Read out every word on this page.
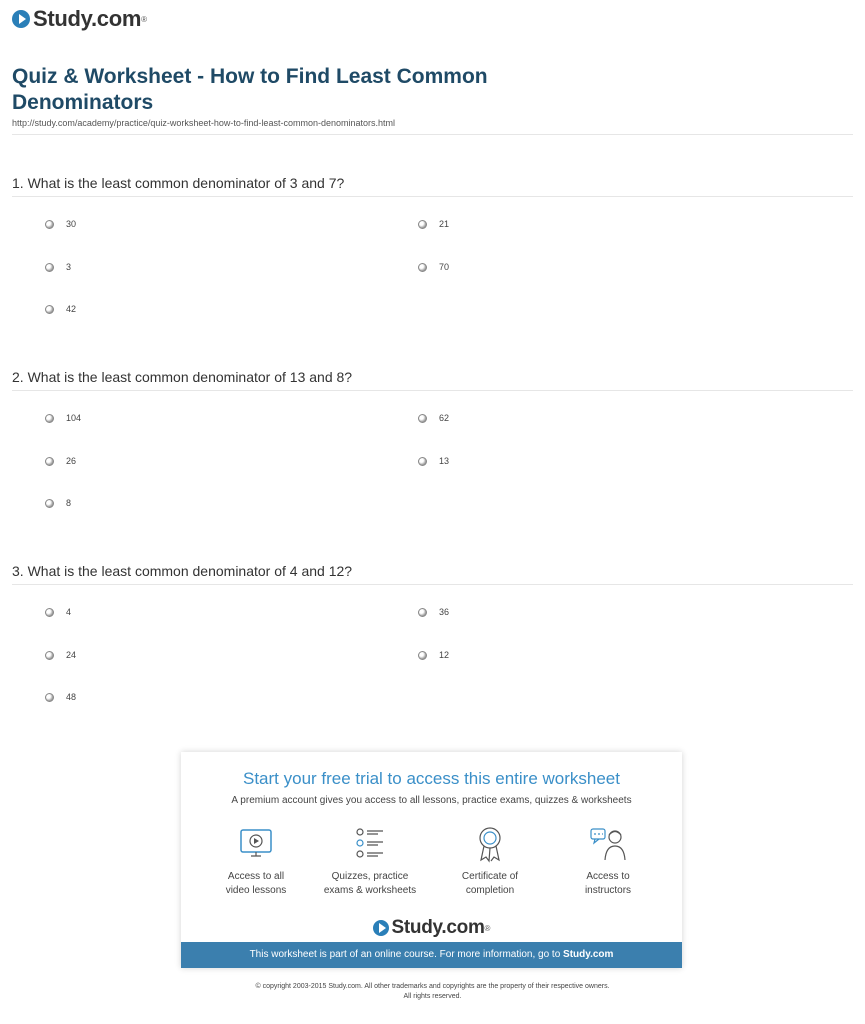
Study.com ®
Quiz & Worksheet - How to Find Least Common Denominators
http://study.com/academy/practice/quiz-worksheet-how-to-find-least-common-denominators.html
1. What is the least common denominator of 3 and 7?
30	21
3	70
42
2. What is the least common denominator of 13 and 8?
104	62
26	13
8
3. What is the least common denominator of 4 and 12?
4	36
24	12
48
Start your free trial to access this entire worksheet
A premium account gives you access to all lessons, practice exams, quizzes & worksheets
Access to all
video lessons
Quizzes, practice
exams & worksheets
Certificate of
completion
Access to
instructors
Study.com ®
This worksheet is part of an online course. For more information, go to Study.com
© copyright 2003-2015 Study.com. All other trademarks and copyrights are the property of their respective owners.
All rights reserved.
